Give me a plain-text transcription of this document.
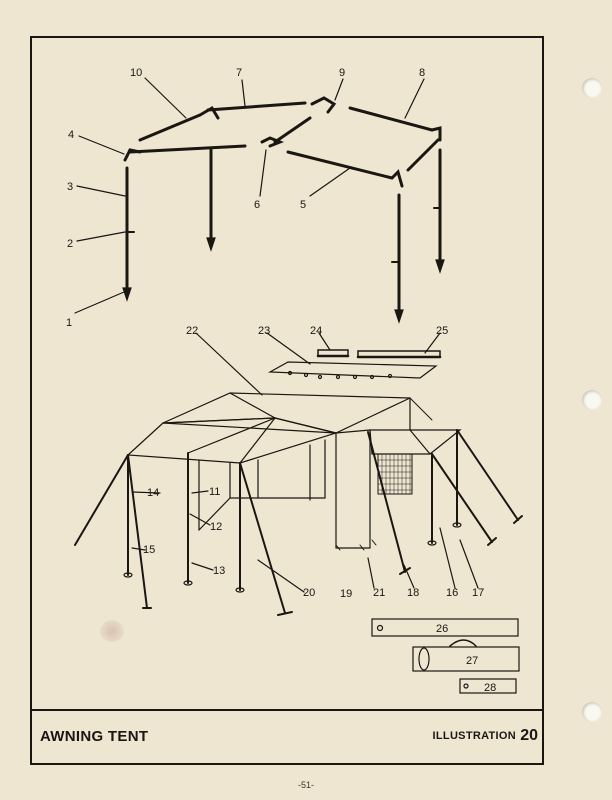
1
2
3
4
5
6
7	8
9
10
11
12
13
14
15
16 17
18
19
20	21
22	23	24	25
26
27
28
AWNING TENT	ILLUSTRATION 20
-51-
